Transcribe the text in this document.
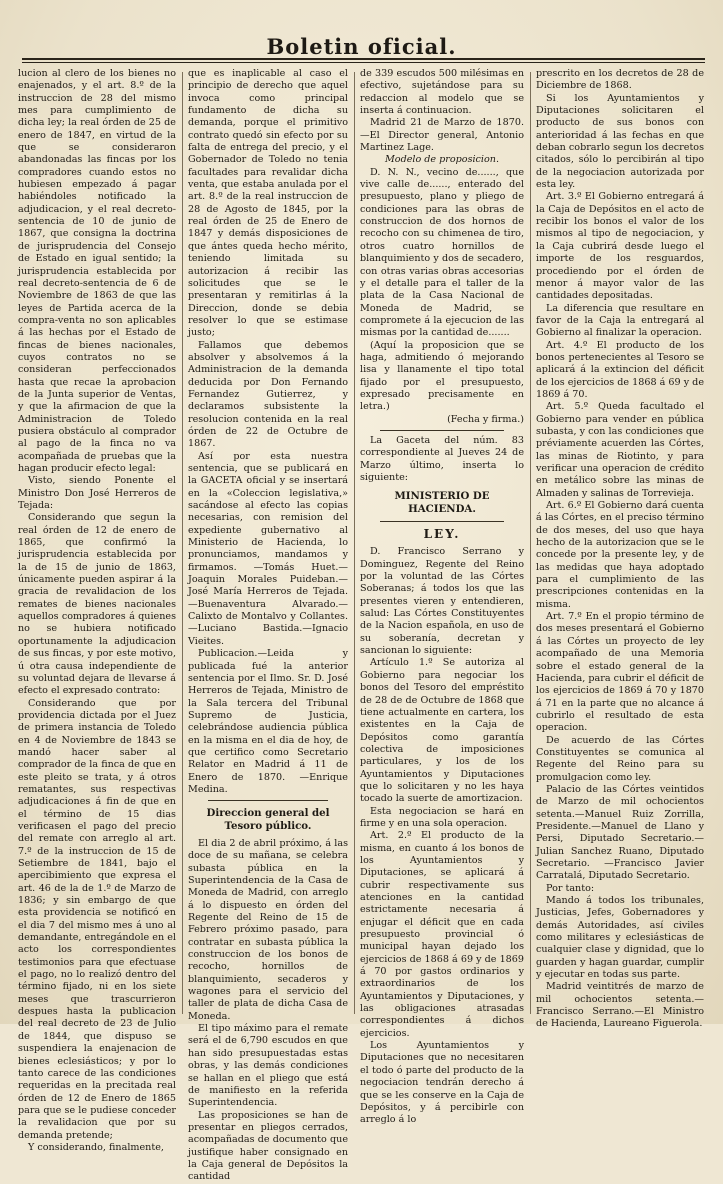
Boletin oficial.

lucion al clero de los bienes no enajenados, y el art. 8.º de la instruccion de 28 del mismo mes para cumplimiento de dicha ley; la real órden de 25 de enero de 1847, en virtud de la que se consideraron abandonadas las fincas por los compradores cuando estos no hubiesen empezado á pagar habiéndoles notificado la adjudicacion, y el real decreto-sentencia de 10 de junio de 1867, que consigna la doctrina de jurisprudencia del Consejo de Estado en igual sentido; la jurisprudencia establecida por real decreto-sentencia de 6 de Noviembre de 1863 de que las leyes de Partida acerca de la compra-venta no son aplicables á las hechas por el Estado de fincas de bienes nacionales, cuyos contratos no se consideran perfeccionados hasta que recae la aprobacion de la Junta superior de Ventas, y que la afirmacion de que la Administracion de Toledo pusiera obstáculo al comprador al pago de la finca no va acompañada de pruebas que la hagan producir efecto legal:

Visto, siendo Ponente el Ministro Don José Herreros de Tejada:

Considerando que segun la real órden de 12 de enero de 1865, que confirmó la jurisprudencia establecida por la de 15 de junio de 1863, únicamente pueden aspirar á la gracia de revalidacion de los remates de bienes nacionales aquellos compradores á quienes no se hubiera notificado oportunamente la adjudicacion de sus fincas, y por este motivo, ú otra causa independiente de su voluntad dejara de llevarse á efecto el expresado contrato:

Considerando que por providencia dictada por el Juez de primera instancia de Toledo en 4 de Noviembre de 1843 se mandó hacer saber al comprador de la finca de que en este pleito se trata, y á otros rematantes, sus respectivas adjudicaciones á fin de que en el término de 15 dias verificasen el pago del precio del remate con arreglo al art. 7.º de la instruccion de 15 de Setiembre de 1841, bajo el apercibimiento que expresa el art. 46 de la de 1.º de Marzo de 1836; y sin embargo de que esta providencia se notificó en el dia 7 del mismo mes á uno al demandante, entregándole en el acto los correspondientes testimonios para que efectuase el pago, no lo realizó dentro del término fijado, ni en los siete meses que trascurrieron despues hasta la publicacion del real decreto de 23 de Julio de 1844, que dispuso se suspendiera la enajenacion de bienes eclesiásticos; y por lo tanto carece de las condiciones requeridas en la precitada real órden de 12 de Enero de 1865 para que se le pudiese conceder la revalidacion que por su demanda pretende;

Y considerando, finalmente,

que es inaplicable al caso el principio de derecho que aquel invoca como principal fundamento de dicha su demanda, porque el primitivo contrato quedó sin efecto por su falta de entrega del precio, y el Gobernador de Toledo no tenia facultades para revalidar dicha venta, que estaba anulada por el art. 8.º de la real instruccion de 28 de Agosto de 1845, por la real órden de 25 de Enero de 1847 y demás disposiciones de que ántes queda hecho mérito, teniendo limitada su autorizacion á recibir las solicitudes que se le presentaran y remitirlas á la Direccion, donde se debia resolver lo que se estimase justo;

Fallamos que debemos absolver y absolvemos á la Administracion de la demanda deducida por Don Fernando Fernandez Gutierrez, y declaramos subsistente la resolucion contenida en la real órden de 22 de Octubre de 1867.

Así por esta nuestra sentencia, que se publicará en la GACETA oficial y se insertará en la «Coleccion legislativa,» sacándose al efecto las copias necesarias, con remision del expediente gubernativo al Ministerio de Hacienda, lo pronunciamos, mandamos y firmamos. —Tomás Huet.—Joaquin Morales Puideban.—José María Herreros de Tejada.—Buenaventura Alvarado.—Calixto de Montalvo y Collantes.—Luciano Bastida.—Ignacio Vieites.

Publicacion.—Leida y publicada fué la anterior sentencia por el Ilmo. Sr. D. José Herreros de Tejada, Ministro de la Sala tercera del Tribunal Supremo de Justicia, celebrándose audiencia pública en la misma en el dia de hoy, de que certifico como Secretario Relator en Madrid á 11 de Enero de 1870. —Enrique Medina.

Direccion general del Tesoro público.

El dia 2 de abril próximo, á las doce de su mañana, se celebra subasta pública en la Superintendencia de la Casa de Moneda de Madrid, con arreglo á lo dispuesto en órden del Regente del Reino de 15 de Febrero próximo pasado, para contratar en subasta pública la construccion de los bonos de recocho, hornillos de blanquimiento, secaderos y wagones para el servicio del taller de plata de dicha Casa de Moneda.

El tipo máximo para el remate será el de 6,790 escudos en que han sido presupuestadas estas obras, y las demás condiciones se hallan en el pliego que está de manifiesto en la referida Superintendencia.

Las proposiciones se han de presentar en pliegos cerrados, acompañadas de documento que justifique haber consignado en la Caja general de Depósitos la cantidad

de 339 escudos 500 milésimas en efectivo, sujetándose para su redaccion al modelo que se inserta á continuacion.

Madrid 21 de Marzo de 1870. —El Director general, Antonio Martinez Lage.

Modelo de proposicion.

D. N. N., vecino de......, que vive calle de......, enterado del presupuesto, plano y pliego de condiciones para las obras de construccion de dos hornos de recocho con su chimenea de tiro, otros cuatro hornillos de blanquimiento y dos de secadero, con otras varias obras accesorias y el detalle para el taller de la plata de la Casa Nacional de Moneda de Madrid, se compromete á la ejecucion de las mismas por la cantidad de.......

(Aquí la proposicion que se haga, admitiendo ó mejorando lisa y llanamente el tipo total fijado por el presupuesto, expresado precisamente en letra.)

(Fecha y firma.)

La Gaceta del núm. 83 correspondiente al Jueves 24 de Marzo último, inserta lo siguiente:

MINISTERIO DE HACIENDA.

LEY.

D. Francisco Serrano y Dominguez, Regente del Reino por la voluntad de las Córtes Soberanas; á todos los que las presentes vieren y entendieren, salud: Las Córtes Constituyentes de la Nacion española, en uso de su soberanía, decretan y sancionan lo siguiente:

Artículo 1.º Se autoriza al Gobierno para negociar los bonos del Tesoro del empréstito de 28 de de Octubre de 1868 que tiene actualmente en cartera, los existentes en la Caja de Depósitos como garantía colectiva de imposiciones particulares, y los de los Ayuntamientos y Diputaciones que lo solicitaren y no les haya tocado la suerte de amortizacion.

Esta negociacion se hará en firme y en una sola operacion.

Art. 2.º El producto de la misma, en cuanto á los bonos de los Ayuntamientos y Diputaciones, se aplicará á cubrir respectivamente sus atenciones en la cantidad estrictamente necesaria á enjugar el déficit que en cada presupuesto provincial ó municipal hayan dejado los ejercicios de 1868 á 69 y de 1869 á 70 por gastos ordinarios y extraordinarios de los Ayuntamientos y Diputaciones, y las obligaciones atrasadas correspondientes á dichos ejercicios.

Los Ayuntamientos y Diputaciones que no necesitaren el todo ó parte del producto de la negociacion tendrán derecho á que se les conserve en la Caja de Depósitos, y á percibirle con arreglo á lo

prescrito en los decretos de 28 de Diciembre de 1868.

Si los Ayuntamientos y Diputaciones solicitaren el producto de sus bonos con anterioridad á las fechas en que deban cobrarlo segun los decretos citados, sólo lo percibirán al tipo de la negociacion autorizada por esta ley.

Art. 3.º El Gobierno entregará á la Caja de Depósitos en el acto de recibir los bonos el valor de los mismos al tipo de negociacion, y la Caja cubrirá desde luego el importe de los resguardos, procediendo por el órden de menor á mayor valor de las cantidades depositadas.

La diferencia que resultare en favor de la Caja la entregará al Gobierno al finalizar la operacion.

Art. 4.º El producto de los bonos pertenecientes al Tesoro se aplicará á la extincion del déficit de los ejercicios de 1868 á 69 y de 1869 á 70.

Art. 5.º Queda facultado el Gobierno para vender en pública subasta, y con las condiciones que préviamente acuerden las Córtes, las minas de Riotinto, y para verificar una operacion de crédito en metálico sobre las minas de Almaden y salinas de Torrevieja.

Art. 6.º El Gobierno dará cuenta á las Córtes, en el preciso término de dos meses, del uso que haya hecho de la autorizacion que se le concede por la presente ley, y de las medidas que haya adoptado para el cumplimiento de las prescripciones contenidas en la misma.

Art. 7.º En el propio término de dos meses presentará el Gobierno á las Córtes un proyecto de ley acompañado de una Memoria sobre el estado general de la Hacienda, para cubrir el déficit de los ejercicios de 1869 á 70 y 1870 á 71 en la parte que no alcance á cubrirlo el resultado de esta operacion.

De acuerdo de las Córtes Constituyentes se comunica al Regente del Reino para su promulgacion como ley.

Palacio de las Córtes veintidos de Marzo de mil ochocientos setenta.—Manuel Ruiz Zorrilla, Presidente.—Manuel de Llano y Persi, Diputado Secretario.—Julian Sanchez Ruano, Diputado Secretario. —Francisco Javier Carratalá, Diputado Secretario.

Por tanto:

Mando á todos los tribunales, Justicias, Jefes, Gobernadores y demás Autoridades, así civiles como militares y eclesiásticas de cualquier clase y dignidad, que lo guarden y hagan guardar, cumplir y ejecutar en todas sus parte.

Madrid veintitrés de marzo de mil ochocientos setenta.—Francisco Serrano.—El Ministro de Hacienda, Laureano Figuerola.
